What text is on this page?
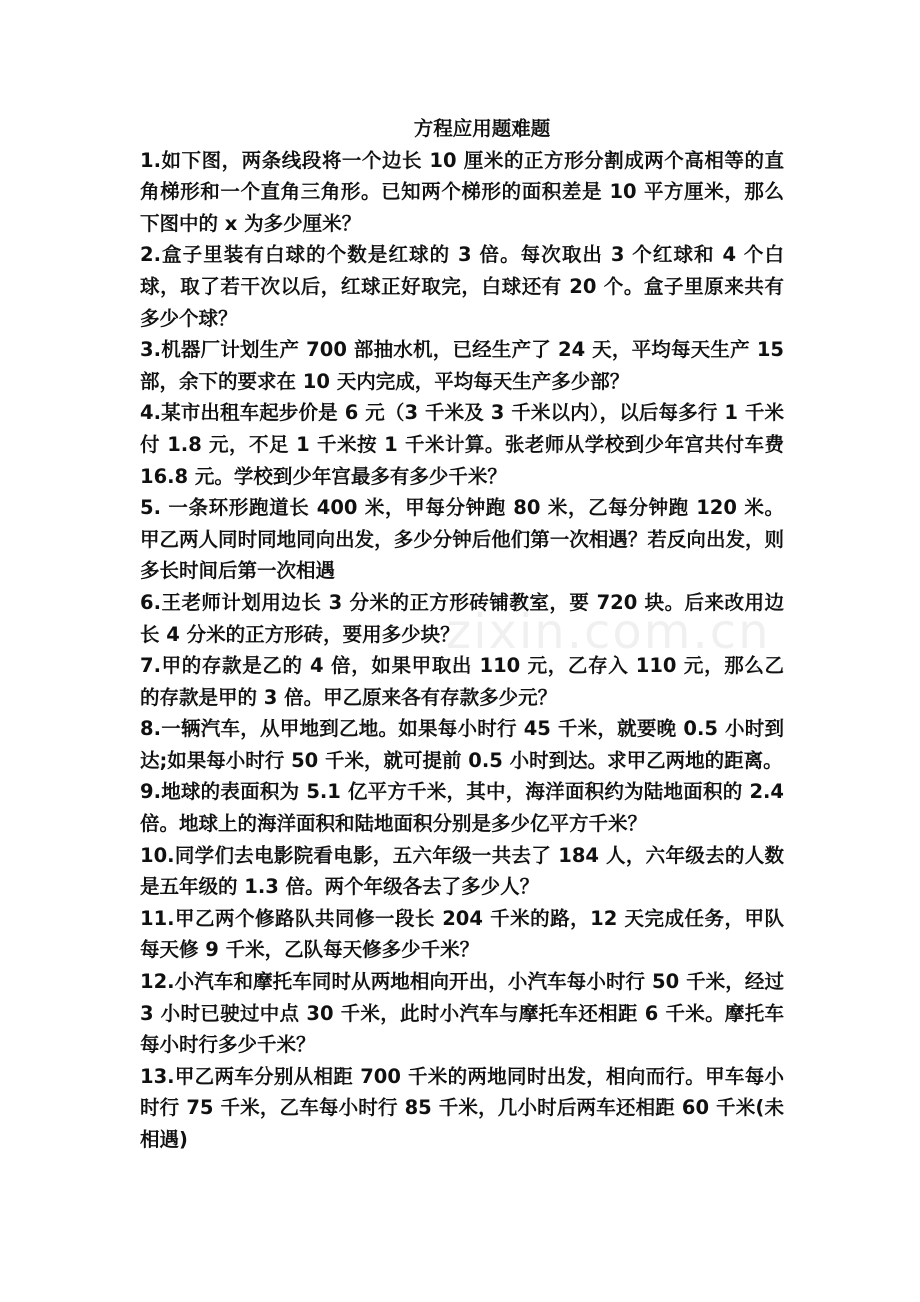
zixin.com.cn

方程应用题难题

1.如下图，两条线段将一个边长 10 厘米的正方形分割成两个高相等的直角梯形和一个直角三角形。已知两个梯形的面积差是 10 平方厘米，那么下图中的 x 为多少厘米？

2.盒子里装有白球的个数是红球的 3 倍。每次取出 3 个红球和 4 个白球，取了若干次以后，红球正好取完，白球还有 20 个。盒子里原来共有多少个球？

3.机器厂计划生产 700 部抽水机，已经生产了 24 天，平均每天生产 15 部，余下的要求在 10 天内完成，平均每天生产多少部？

4.某市出租车起步价是 6 元（3 千米及 3 千米以内），以后每多行 1 千米付 1.8 元，不足 1 千米按 1 千米计算。张老师从学校到少年宫共付车费 16.8 元。学校到少年宫最多有多少千米？

5. 一条环形跑道长 400 米，甲每分钟跑 80 米，乙每分钟跑 120 米。甲乙两人同时同地同向出发，多少分钟后他们第一次相遇？若反向出发，则多长时间后第一次相遇

6.王老师计划用边长 3 分米的正方形砖铺教室，要 720 块。后来改用边长 4 分米的正方形砖，要用多少块？

7.甲的存款是乙的 4 倍，如果甲取出 110 元，乙存入 110 元，那么乙的存款是甲的 3 倍。甲乙原来各有存款多少元？

8.一辆汽车，从甲地到乙地。如果每小时行 45 千米，就要晚 0.5 小时到达;如果每小时行 50 千米，就可提前 0.5 小时到达。求甲乙两地的距离。

9.地球的表面积为 5.1 亿平方千米，其中，海洋面积约为陆地面积的 2.4 倍。地球上的海洋面积和陆地面积分别是多少亿平方千米？

10.同学们去电影院看电影，五六年级一共去了 184 人，六年级去的人数是五年级的 1.3 倍。两个年级各去了多少人？

11.甲乙两个修路队共同修一段长 204 千米的路，12 天完成任务，甲队每天修 9 千米，乙队每天修多少千米？

12.小汽车和摩托车同时从两地相向开出，小汽车每小时行 50 千米，经过 3 小时已驶过中点 30 千米，此时小汽车与摩托车还相距 6 千米。摩托车每小时行多少千米？

13.甲乙两车分别从相距 700 千米的两地同时出发，相向而行。甲车每小时行 75 千米，乙车每小时行 85 千米，几小时后两车还相距 60 千米(未相遇)
